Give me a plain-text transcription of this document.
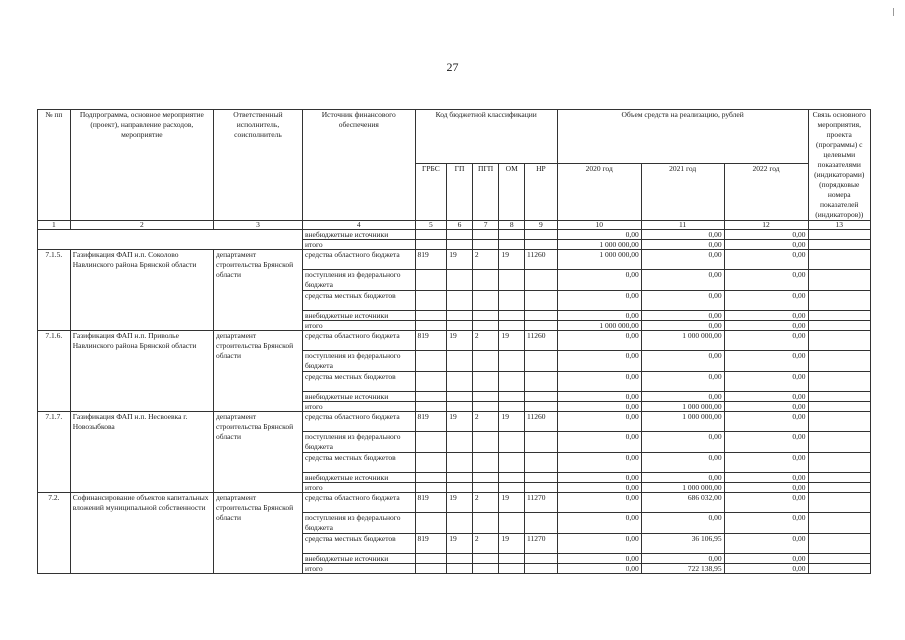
27
№ пп	Подпрограмма, основное мероприятие (проект), направление расходов, мероприятие	Ответственный исполнитель, соисполнитель	Источник финансового обеспечения	Код бюджетной классификации					Объем средств на реализацию, рублей			Связь основного мероприятия, проекта (программы) с целевыми показателями (индикаторами) (порядковые номера показателей (индикаторов))
				ГРБС	ГП	ПГП	ОМ	НР	2020 год	2021 год	2022 год	
1	2	3	4	5	6	7	8	9	10	11	12	13
			внебюджетные источники						0,00	0,00	0,00	
			итого						1 000 000,00	0,00	0,00	
7.1.5.	Газификация ФАП н.п. Соколово Навлинского района Брянской области	департамент строительства Брянской области	средства областного бюджета	819	19	2	19	11260	1 000 000,00	0,00	0,00	
			поступления из федерального бюджета						0,00	0,00	0,00	
			средства местных бюджетов						0,00	0,00	0,00	
			внебюджетные источники						0,00	0,00	0,00	
			итого						1 000 000,00	0,00	0,00	
7.1.6.	Газификация ФАП н.п. Приволье Навлинского района Брянской области	департамент строительства Брянской области	средства областного бюджета	819	19	2	19	11260	0,00	1 000 000,00	0,00	
			поступления из федерального бюджета						0,00	0,00	0,00	
			средства местных бюджетов						0,00	0,00	0,00	
			внебюджетные источники						0,00	0,00	0,00	
			итого						0,00	1 000 000,00	0,00	
7.1.7.	Газификация ФАП н.п. Несвоевка г. Новозыбкова	департамент строительства Брянской области	средства областного бюджета	819	19	2	19	11260	0,00	1 000 000,00	0,00	
			поступления из федерального бюджета						0,00	0,00	0,00	
			средства местных бюджетов						0,00	0,00	0,00	
			внебюджетные источники						0,00	0,00	0,00	
			итого						0,00	1 000 000,00	0,00	
7.2.	Софинансирование объектов капитальных вложений муниципальной собственности	департамент строительства Брянской области	средства областного бюджета	819	19	2	19	11270	0,00	686 032,00	0,00	
			поступления из федерального бюджета						0,00	0,00	0,00	
			средства местных бюджетов	819	19	2	19	11270	0,00	36 106,95	0,00	
			внебюджетные источники						0,00	0,00	0,00	
			итого						0,00	722 138,95	0,00	
